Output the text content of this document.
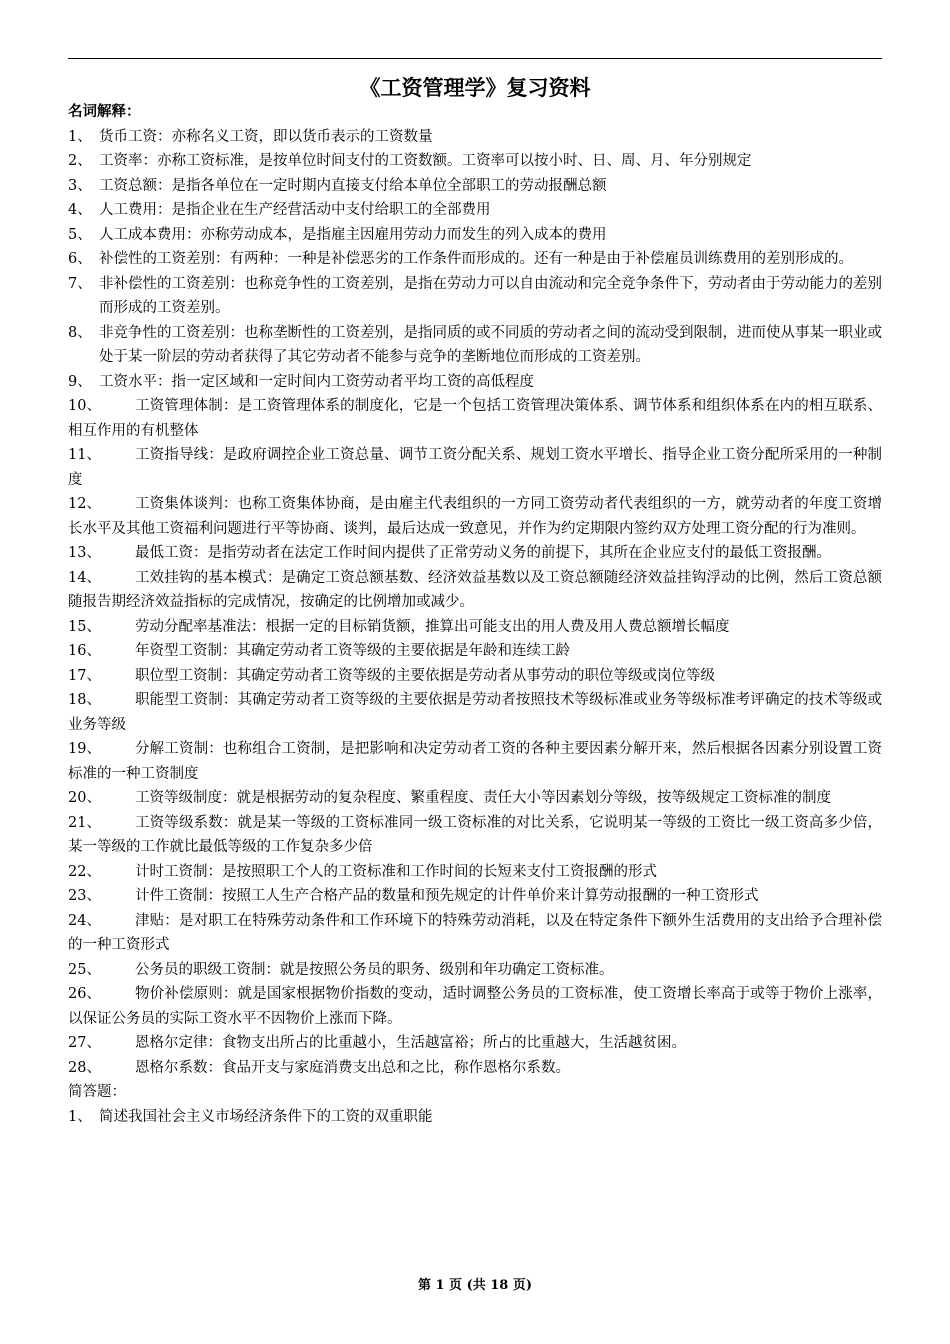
《工资管理学》复习资料
名词解释：
1、 货币工资：亦称名义工资，即以货币表示的工资数量
2、 工资率：亦称工资标准，是按单位时间支付的工资数额。工资率可以按小时、日、周、月、年分别规定
3、 工资总额：是指各单位在一定时期内直接支付给本单位全部职工的劳动报酬总额
4、 人工费用：是指企业在生产经营活动中支付给职工的全部费用
5、 人工成本费用：亦称劳动成本，是指雇主因雇用劳动力而发生的列入成本的费用
6、 补偿性的工资差别：有两种：一种是补偿恶劣的工作条件而形成的。还有一种是由于补偿雇员训练费用的差别形成的。
7、 非补偿性的工资差别：也称竞争性的工资差别，是指在劳动力可以自由流动和完全竞争条件下，劳动者由于劳动能力的差别而形成的工资差别。
8、 非竞争性的工资差别：也称垄断性的工资差别，是指同质的或不同质的劳动者之间的流动受到限制，进而使从事某一职业或处于某一阶层的劳动者获得了其它劳动者不能参与竞争的垄断地位而形成的工资差别。
9、 工资水平：指一定区域和一定时间内工资劳动者平均工资的高低程度
10、	工资管理体制：是工资管理体系的制度化，它是一个包括工资管理决策体系、调节体系和组织体系在内的相互联系、相互作用的有机整体
11、	工资指导线：是政府调控企业工资总量、调节工资分配关系、规划工资水平增长、指导企业工资分配所采用的一种制度
12、	工资集体谈判：也称工资集体协商，是由雇主代表组织的一方同工资劳动者代表组织的一方，就劳动者的年度工资增长水平及其他工资福利问题进行平等协商、谈判，最后达成一致意见，并作为约定期限内签约双方处理工资分配的行为准则。
13、	最低工资：是指劳动者在法定工作时间内提供了正常劳动义务的前提下，其所在企业应支付的最低工资报酬。
14、	工效挂钩的基本模式：是确定工资总额基数、经济效益基数以及工资总额随经济效益挂钩浮动的比例，然后工资总额随报告期经济效益指标的完成情况，按确定的比例增加或减少。
15、	劳动分配率基准法：根据一定的目标销货额，推算出可能支出的用人费及用人费总额增长幅度
16、	年资型工资制：其确定劳动者工资等级的主要依据是年龄和连续工龄
17、	职位型工资制：其确定劳动者工资等级的主要依据是劳动者从事劳动的职位等级或岗位等级
18、	职能型工资制：其确定劳动者工资等级的主要依据是劳动者按照技术等级标准或业务等级标准考评确定的技术等级或业务等级
19、	分解工资制：也称组合工资制，是把影响和决定劳动者工资的各种主要因素分解开来，然后根据各因素分别设置工资标准的一种工资制度
20、	工资等级制度：就是根据劳动的复杂程度、繁重程度、责任大小等因素划分等级，按等级规定工资标准的制度
21、	工资等级系数：就是某一等级的工资标准同一级工资标准的对比关系，它说明某一等级的工资比一级工资高多少倍，某一等级的工作就比最低等级的工作复杂多少倍
22、	计时工资制：是按照职工个人的工资标准和工作时间的长短来支付工资报酬的形式
23、	计件工资制：按照工人生产合格产品的数量和预先规定的计件单价来计算劳动报酬的一种工资形式
24、	津贴：是对职工在特殊劳动条件和工作环境下的特殊劳动消耗，以及在特定条件下额外生活费用的支出给予合理补偿的一种工资形式
25、	公务员的职级工资制：就是按照公务员的职务、级别和年功确定工资标准。
26、	物价补偿原则：就是国家根据物价指数的变动，适时调整公务员的工资标准，使工资增长率高于或等于物价上涨率，以保证公务员的实际工资水平不因物价上涨而下降。
27、	恩格尔定律：食物支出所占的比重越小，生活越富裕；所占的比重越大，生活越贫困。
28、	恩格尔系数：食品开支与家庭消费支出总和之比，称作恩格尔系数。
简答题：
1、 简述我国社会主义市场经济条件下的工资的双重职能
第 1 页 (共 18 页)
